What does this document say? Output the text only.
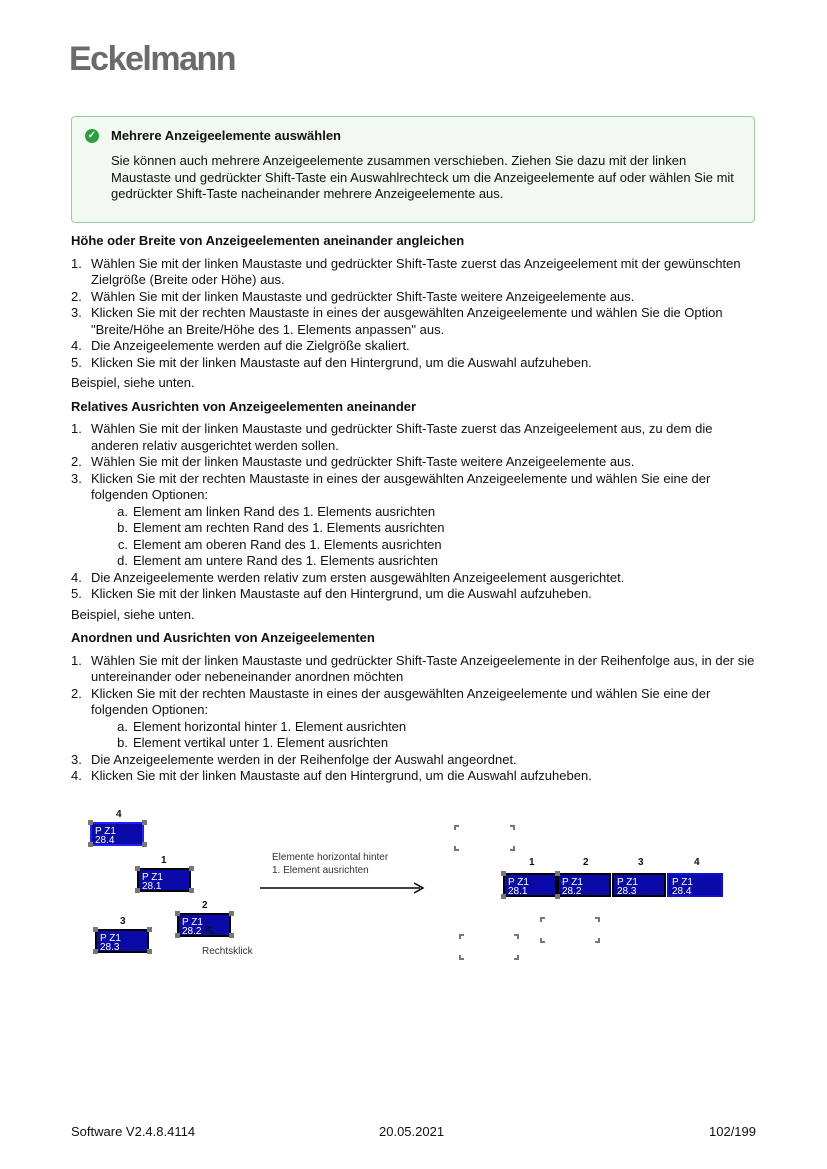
Eckelmann
✓ Mehrere Anzeigeelemente auswählen
Sie können auch mehrere Anzeigeelemente zusammen verschieben. Ziehen Sie dazu mit der linken Maustaste und gedrückter Shift-Taste ein Auswahlrechteck um die Anzeigeelemente auf oder wählen Sie mit gedrückter Shift-Taste nacheinander mehrere Anzeigeelemente aus.
Höhe oder Breite von Anzeigeelementen aneinander angleichen
1. Wählen Sie mit der linken Maustaste und gedrückter Shift-Taste zuerst das Anzeigeelement mit der gewünschten Zielgröße (Breite oder Höhe) aus.
2. Wählen Sie mit der linken Maustaste und gedrückter Shift-Taste weitere Anzeigeelemente aus.
3. Klicken Sie mit der rechten Maustaste in eines der ausgewählten Anzeigeelemente und wählen Sie die Option "Breite/Höhe an Breite/Höhe des 1. Elements anpassen" aus.
4. Die Anzeigeelemente werden auf die Zielgröße skaliert.
5. Klicken Sie mit der linken Maustaste auf den Hintergrund, um die Auswahl aufzuheben.

Beispiel, siehe unten.

Relatives Ausrichten von Anzeigeelementen aneinander
1. Wählen Sie mit der linken Maustaste und gedrückter Shift-Taste zuerst das Anzeigeelement aus, zu dem die anderen relativ ausgerichtet werden sollen.
2. Wählen Sie mit der linken Maustaste und gedrückter Shift-Taste weitere Anzeigeelemente aus.
3. Klicken Sie mit der rechten Maustaste in eines der ausgewählten Anzeigeelemente und wählen Sie eine der folgenden Optionen:
a. Element am linken Rand des 1. Elements ausrichten
b. Element am rechten Rand des 1. Elements ausrichten
c. Element am oberen Rand des 1. Elements ausrichten
d. Element am untere Rand des 1. Elements ausrichten
4. Die Anzeigeelemente werden relativ zum ersten ausgewählten Anzeigeelement ausgerichtet.
5. Klicken Sie mit der linken Maustaste auf den Hintergrund, um die Auswahl aufzuheben.

Beispiel, siehe unten.

Anordnen und Ausrichten von Anzeigeelementen
1. Wählen Sie mit der linken Maustaste und gedrückter Shift-Taste Anzeigeelemente in der Reihenfolge aus, in der sie untereinander oder nebeneinander anordnen möchten
2. Klicken Sie mit der rechten Maustaste in eines der ausgewählten Anzeigeelemente und wählen Sie eine der folgenden Optionen:
a. Element horizontal hinter 1. Element ausrichten
b. Element vertikal unter 1. Element ausrichten
3. Die Anzeigeelemente werden in der Reihenfolge der Auswahl angeordnet.
4. Klicken Sie mit der linken Maustaste auf den Hintergrund, um die Auswahl aufzuheben.
4
P Z1
28.4
1
P Z1
28.1
2
P Z1
28.2
3
P Z1
28.3
↖
Rechtsklick
Elemente horizontal hinter
1. Element ausrichten
1	2	3	4
P Z1
28.1
P Z1
28.2
P Z1
28.3
P Z1
28.4
Software V2.4.8.4114	20.05.2021	102/199
